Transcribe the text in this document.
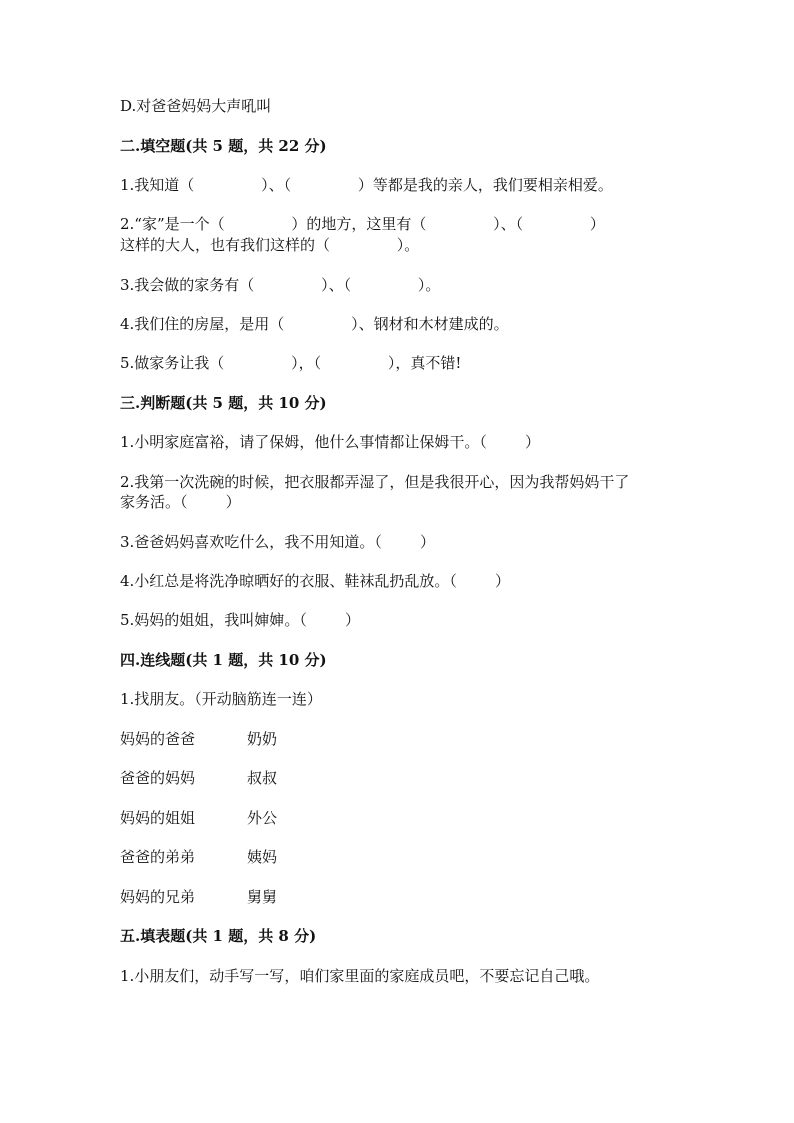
D.对爸爸妈妈大声吼叫
二.填空题(共 5 题，共 22 分)
1.我知道（              ）、（              ）等都是我的亲人，我们要相亲相爱。
2.“家”是一个（              ）的地方，这里有（              ）、（              ）
这样的大人，也有我们这样的（              ）。
3.我会做的家务有（              ）、（              ）。
4.我们住的房屋，是用（              ）、钢材和木材建成的。
5.做家务让我（              ），（              ），真不错!
三.判断题(共 5 题，共 10 分)
1.小明家庭富裕，请了保姆，他什么事情都让保姆干。（        ）
2.我第一次洗碗的时候，把衣服都弄湿了，但是我很开心，因为我帮妈妈干了
家务活。（        ）
3.爸爸妈妈喜欢吃什么，我不用知道。（        ）
4.小红总是将洗净晾晒好的衣服、鞋袜乱扔乱放。（        ）
5.妈妈的姐姐，我叫婶婶。（        ）
四.连线题(共 1 题，共 10 分)
1.找朋友。（开动脑筋连一连）
妈妈的爸爸	奶奶
爸爸的妈妈	叔叔
妈妈的姐姐	外公
爸爸的弟弟	姨妈
妈妈的兄弟	舅舅
五.填表题(共 1 题，共 8 分)
1.小朋友们，动手写一写，咱们家里面的家庭成员吧，不要忘记自己哦。
